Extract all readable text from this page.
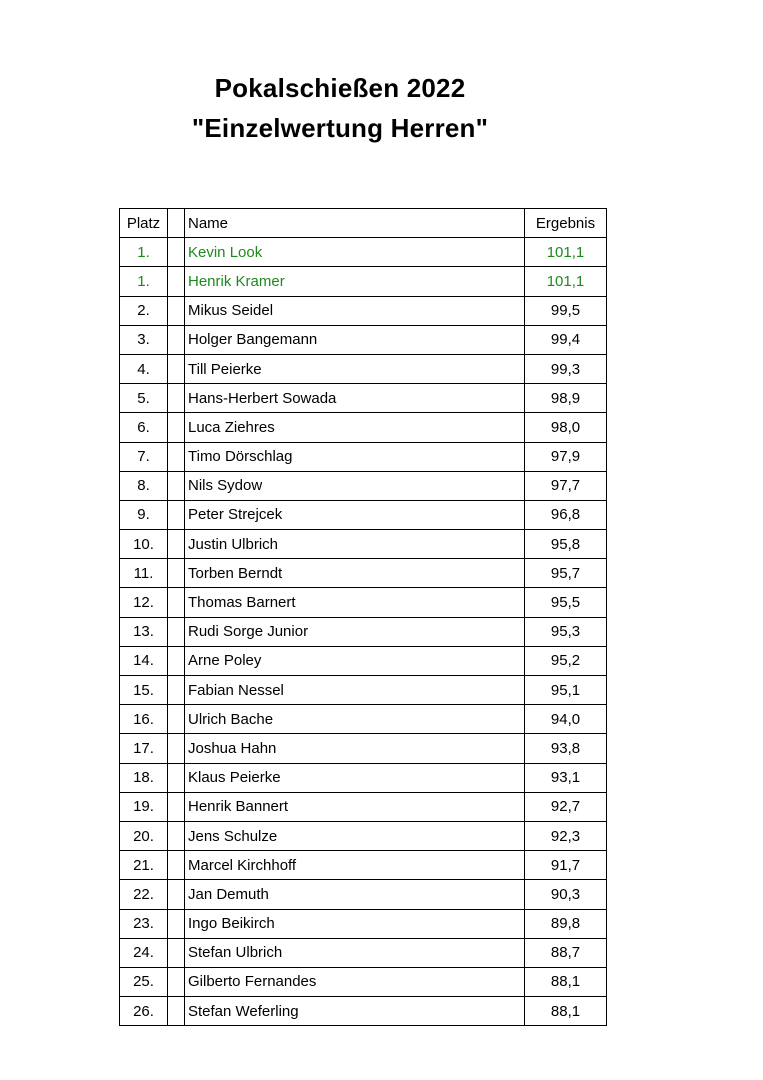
Pokalschießen 2022
"Einzelwertung Herren"
Platz		Name	Ergebnis
1.		Kevin Look	101,1
1.		Henrik Kramer	101,1
2.		Mikus Seidel	99,5
3.		Holger Bangemann	99,4
4.		Till Peierke	99,3
5.		Hans-Herbert Sowada	98,9
6.		Luca Ziehres	98,0
7.		Timo Dörschlag	97,9
8.		Nils Sydow	97,7
9.		Peter Strejcek	96,8
10.		Justin Ulbrich	95,8
11.		Torben Berndt	95,7
12.		Thomas Barnert	95,5
13.		Rudi Sorge Junior	95,3
14.		Arne Poley	95,2
15.		Fabian Nessel	95,1
16.		Ulrich Bache	94,0
17.		Joshua Hahn	93,8
18.		Klaus Peierke	93,1
19.		Henrik Bannert	92,7
20.		Jens Schulze	92,3
21.		Marcel Kirchhoff	91,7
22.		Jan Demuth	90,3
23.		Ingo Beikirch	89,8
24.		Stefan Ulbrich	88,7
25.		Gilberto Fernandes	88,1
26.		Stefan Weferling	88,1
